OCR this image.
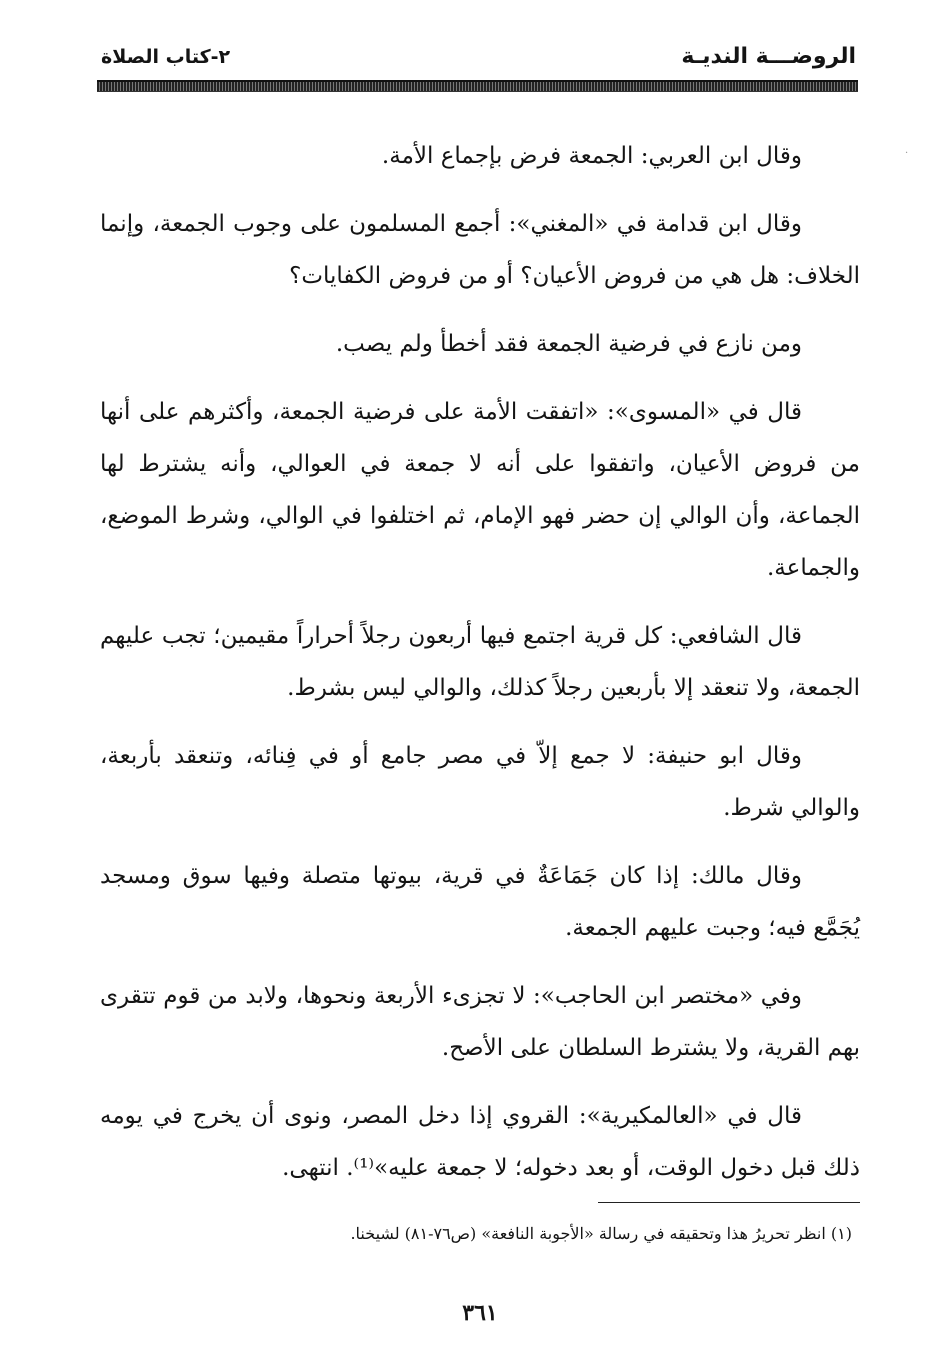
٢-كتاب الصلاة	الروضـــة النديـة
·

وقال ابن العربي: الجمعة فرض بإجماع الأمة.

وقال ابن قدامة في «المغني»: أجمع المسلمون على وجوب الجمعة، وإنما الخلاف: هل هي من فروض الأعيان؟ أو من فروض الكفايات؟

ومن نازع في فرضية الجمعة فقد أخطأ ولم يصب.

قال في «المسوى»: «اتفقت الأمة على فرضية الجمعة، وأكثرهم على أنها من فروض الأعيان، واتفقوا على أنه لا جمعة في العوالي، وأنه يشترط لها الجماعة، وأن الوالي إن حضر فهو الإمام، ثم اختلفوا في الوالي، وشرط الموضع، والجماعة.

قال الشافعي: كل قرية اجتمع فيها أربعون رجلاً أحراراً مقيمين؛ تجب عليهم الجمعة، ولا تنعقد إلا بأربعين رجلاً كذلك، والوالي ليس بشرط.

وقال ابو حنيفة: لا جمع إلاّ في مصر جامع أو في فِنائه، وتنعقد بأربعة، والوالي شرط.

وقال مالك: إذا كان جَمَاعَةٌ في قرية، بيوتها متصلة وفيها سوق ومسجد يُجَمَّع فيه؛ وجبت عليهم الجمعة.

وفي «مختصر ابن الحاجب»: لا تجزىء الأربعة ونحوها، ولابد من قوم تتقرى بهم القرية، ولا يشترط السلطان على الأصح.

قال في «العالمكيرية»: القروي إذا دخل المصر، ونوى أن يخرج في يومه ذلك قبل دخول الوقت، أو بعد دخوله؛ لا جمعة عليه»⁽¹⁾. انتهى.

(١) انظر تحريرُ هذا وتحقيقه في رسالة «الأجوبة النافعة» (ص٧٦-٨١) لشيخنا.
٣٦١
